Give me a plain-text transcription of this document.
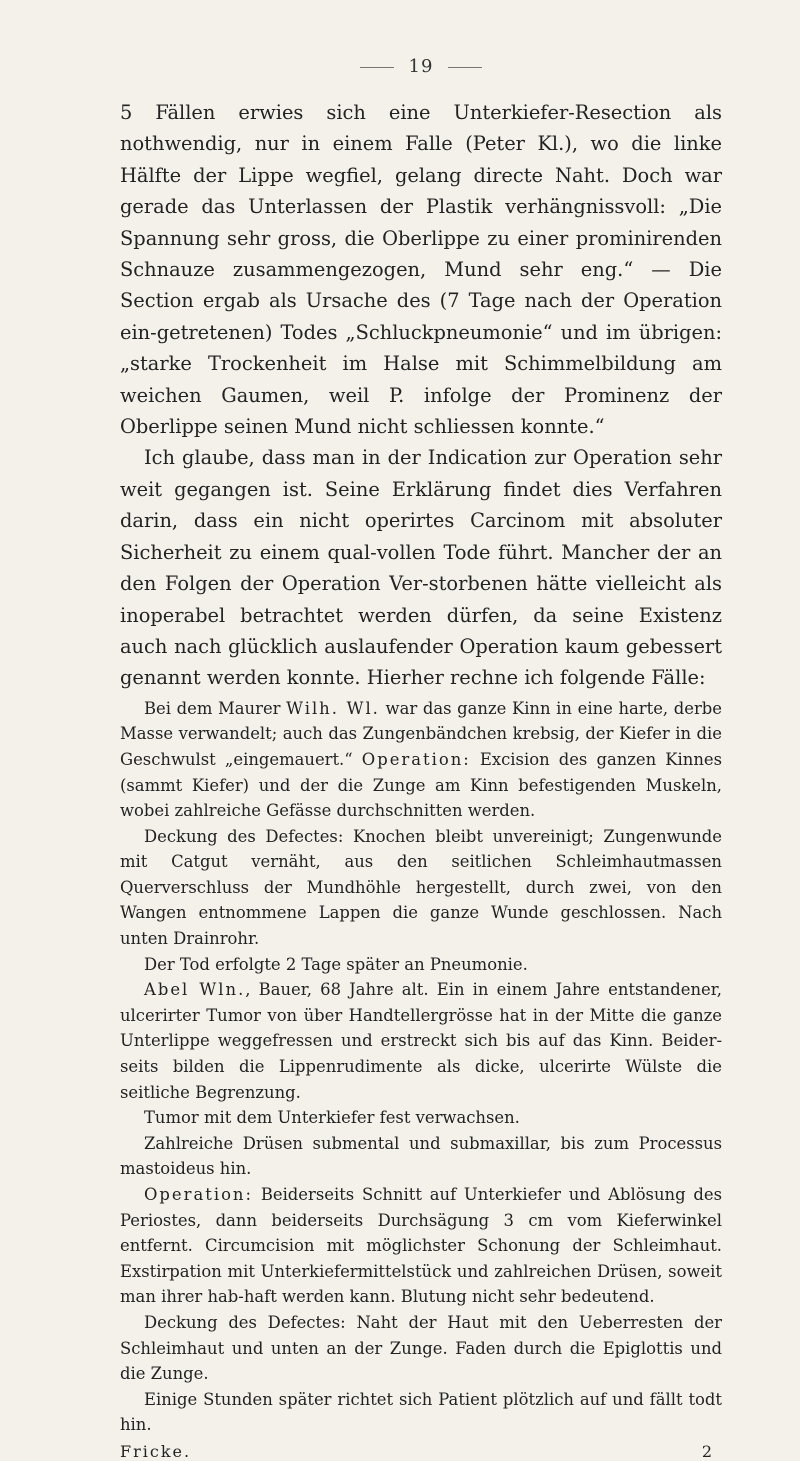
19

5 Fällen erwies sich eine Unterkiefer-Resection als nothwendig, nur in einem Falle (Peter Kl.), wo die linke Hälfte der Lippe wegfiel, gelang directe Naht. Doch war gerade das Unterlassen der Plastik verhängnissvoll: „Die Spannung sehr gross, die Oberlippe zu einer prominirenden Schnauze zusammengezogen, Mund sehr eng.“ — Die Section ergab als Ursache des (7 Tage nach der Operation ein-getretenen) Todes „Schluckpneumonie“ und im übrigen: „starke Trockenheit im Halse mit Schimmelbildung am weichen Gaumen, weil P. infolge der Prominenz der Oberlippe seinen Mund nicht schliessen konnte.“

Ich glaube, dass man in der Indication zur Operation sehr weit gegangen ist. Seine Erklärung findet dies Verfahren darin, dass ein nicht operirtes Carcinom mit absoluter Sicherheit zu einem qual-vollen Tode führt. Mancher der an den Folgen der Operation Ver-storbenen hätte vielleicht als inoperabel betrachtet werden dürfen, da seine Existenz auch nach glücklich auslaufender Operation kaum gebessert genannt werden konnte. Hierher rechne ich folgende Fälle:

Bei dem Maurer Wilh. Wl. war das ganze Kinn in eine harte, derbe Masse verwandelt; auch das Zungenbändchen krebsig, der Kiefer in die Geschwulst „eingemauert.“ Operation: Excision des ganzen Kinnes (sammt Kiefer) und der die Zunge am Kinn befestigenden Muskeln, wobei zahlreiche Gefässe durchschnitten werden.

Deckung des Defectes: Knochen bleibt unvereinigt; Zungenwunde mit Catgut vernäht, aus den seitlichen Schleimhautmassen Querverschluss der Mundhöhle hergestellt, durch zwei, von den Wangen entnommene Lappen die ganze Wunde geschlossen. Nach unten Drainrohr.

Der Tod erfolgte 2 Tage später an Pneumonie.

Abel Wln., Bauer, 68 Jahre alt. Ein in einem Jahre entstandener, ulcerirter Tumor von über Handtellergrösse hat in der Mitte die ganze Unterlippe weggefressen und erstreckt sich bis auf das Kinn. Beider-seits bilden die Lippenrudimente als dicke, ulcerirte Wülste die seitliche Begrenzung.

Tumor mit dem Unterkiefer fest verwachsen.

Zahlreiche Drüsen submental und submaxillar, bis zum Processus mastoideus hin.

Operation: Beiderseits Schnitt auf Unterkiefer und Ablösung des Periostes, dann beiderseits Durchsägung 3 cm vom Kieferwinkel entfernt. Circumcision mit möglichster Schonung der Schleimhaut. Exstirpation mit Unterkiefermittelstück und zahlreichen Drüsen, soweit man ihrer hab-haft werden kann. Blutung nicht sehr bedeutend.

Deckung des Defectes: Naht der Haut mit den Ueberresten der Schleimhaut und unten an der Zunge. Faden durch die Epiglottis und die Zunge.

Einige Stunden später richtet sich Patient plötzlich auf und fällt todt hin.

Fricke.	2
